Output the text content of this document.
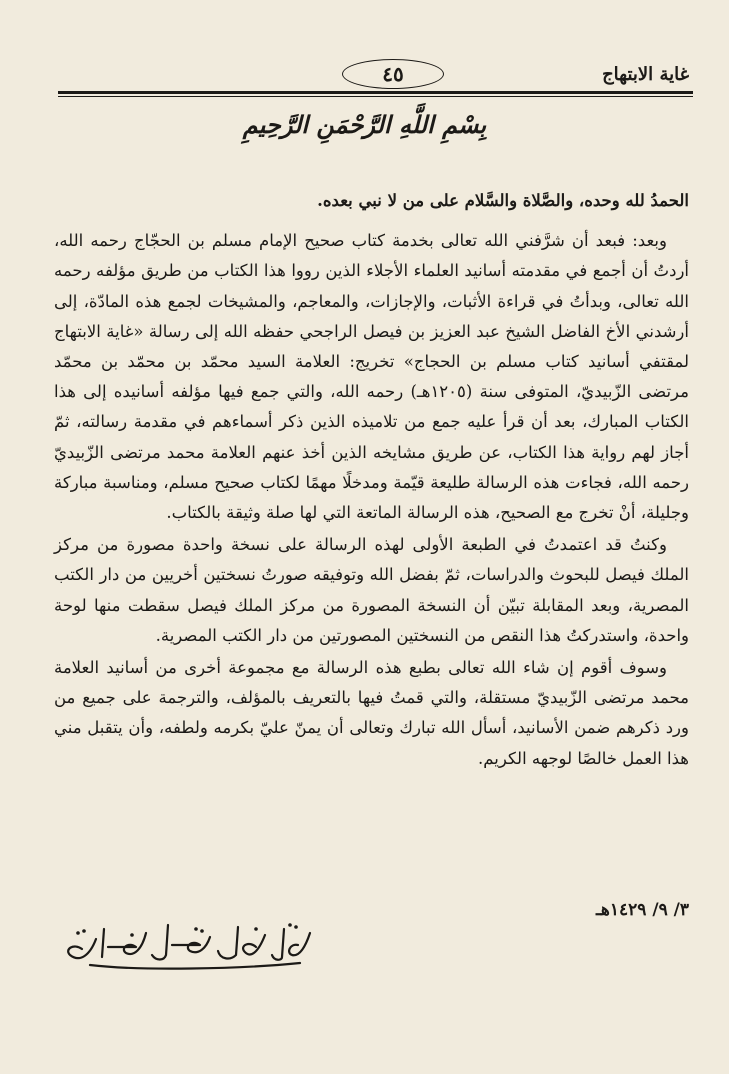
غاية الابتهاج
٤٥
بِسْمِ اللَّهِ الرَّحْمَنِ الرَّحِيمِ

الحمدُ لله وحده، والصَّلاة والسَّلام على من لا نبي بعده.

وبعد: فبعد أن شرَّفني الله تعالى بخدمة كتاب صحيح الإمام مسلم بن الحجّاج رحمه الله، أردتُ أن أجمع في مقدمته أسانيد العلماء الأجلاء الذين رووا هذا الكتاب من طريق مؤلفه رحمه الله تعالى، وبدأتُ في قراءة الأثبات، والإجازات، والمعاجم، والمشيخات لجمع هذه المادّة، إلى أرشدني الأخ الفاضل الشيخ عبد العزيز بن فيصل الراجحي حفظه الله إلى رسالة «غاية الابتهاج لمقتفي أسانيد كتاب مسلم بن الحجاج» تخريج: العلامة السيد محمّد بن محمّد بن محمّد مرتضى الزّبيديّ، المتوفى سنة (١٢٠٥هـ) رحمه الله، والتي جمع فيها مؤلفه أسانيده إلى هذا الكتاب المبارك، بعد أن قرأ عليه جمع من تلاميذه الذين ذكر أسماءهم في مقدمة رسالته، ثمّ أجاز لهم رواية هذا الكتاب، عن طريق مشايخه الذين أخذ عنهم العلامة محمد مرتضى الزّبيديّ رحمه الله، فجاءت هذه الرسالة طليعة قيّمة ومدخلًا مهمًا لكتاب صحيح مسلم، ومناسبة مباركة وجليلة، أنْ تخرج مع الصحيح، هذه الرسالة الماتعة التي لها صلة وثيقة بالكتاب.

وكنتُ قد اعتمدتُ في الطبعة الأولى لهذه الرسالة على نسخة واحدة مصورة من مركز الملك فيصل للبحوث والدراسات، ثمّ بفضل الله وتوفيقه صورتُ نسختين أخريين من دار الكتب المصرية، وبعد المقابلة تبيّن أن النسخة المصورة من مركز الملك فيصل سقطت منها لوحة واحدة، واستدركتُ هذا النقص من النسختين المصورتين من دار الكتب المصرية.

وسوف أقوم إن شاء الله تعالى بطبع هذه الرسالة مع مجموعة أخرى من أسانيد العلامة محمد مرتضى الزّبيديّ مستقلة، والتي قمتُ فيها بالتعريف بالمؤلف، والترجمة على جميع من ورد ذكرهم ضمن الأسانيد، أسأل الله تبارك وتعالى أن يمنّ عليّ بكرمه ولطفه، وأن يتقبل مني هذا العمل خالصًا لوجهه الكريم.

٣/ ٩/ ١٤٢٩هـ
